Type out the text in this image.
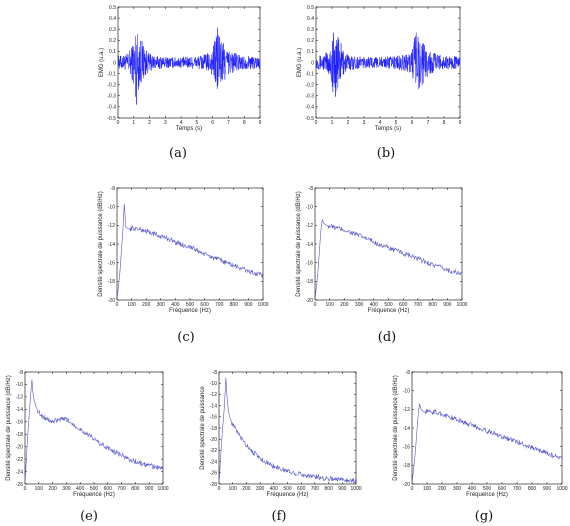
(a)
0	1	2	3	4	5	6	7	8	9
-0.5
-0.4
-0.3
-0.2
-0.1
0
0.1
0.2
0.3
0.4
0.5
Temps (s)
EMG (u.a.)
(b)
0	1	2	3	4	5	6	7	8	9
-0.5
-0.4
-0.3
-0.2
-0.1
0
0.1
0.2
0.3
0.4
0.5
Temps (s)
EMG (u.a.)
(c)
0 100 200 300 400 500 600 700 800 900 1000
-8
-10
-12
-14
-16
-18
-20
Fréquence (Hz)
Densité spectrale de puissance (dB/Hz)
(d)
0 100 200 300 400 500 600 700 800 900 1000
-8
-10
-12
-14
-16
-18
-20
Fréquence (Hz)
Densité spectrale de puissance (dB/Hz)
(e)
0 100 200 300 400 500 600 700 800 900 1000
-8
-10
-12
-14
-16
-18
-20
-22
-24
-26
Fréquence (Hz)
Densité spectrale de puissance (dB/Hz)
(f)
0 100 200 300 400 500 600 700 800 900 1000
-8
-10
-12
-14
-16
-18
-20
-22
-24
-26
-28
Fréquence (Hz)
Densité spectrale de puissance
(g)
0 100 200 300 400 500 600 700 800 900 1000
-8
-10
-12
-14
-16
-18
-20
Fréquence (Hz)
Densité spectrale de puissance (dB/Hz)
